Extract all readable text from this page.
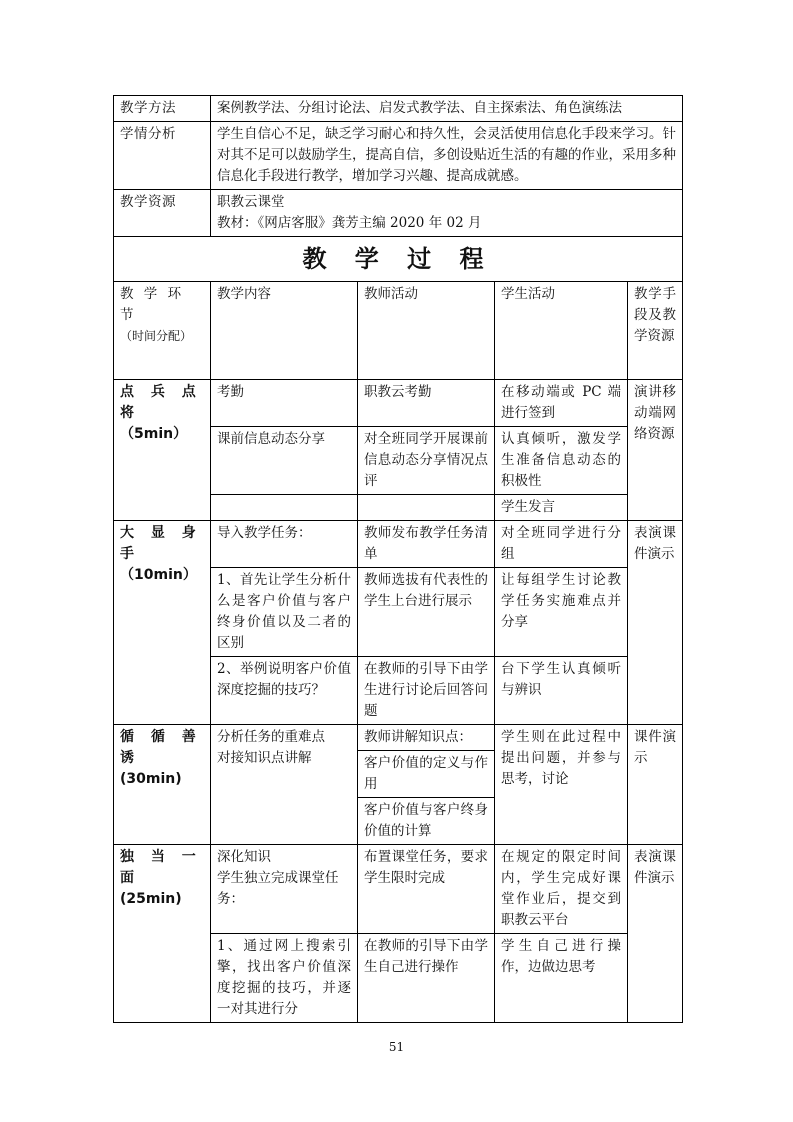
教学方法	案例教学法、分组讨论法、启发式教学法、自主探索法、角色演练法			
学情分析	学生自信心不足，缺乏学习耐心和持久性，会灵活使用信息化手段来学习。针对其不足可以鼓励学生，提高自信，多创设贴近生活的有趣的作业，采用多种信息化手段进行教学，增加学习兴趣、提高成就感。			
教学资源	职教云课堂
教材：《网店客服》龚芳主编 2020 年 02 月			

教 学 过 程				

教 学 环 节
（时间分配）	教学内容	教师活动	学生活动	教学手段及教学资源

点 兵 点 将
（5min）	考勤	职教云考勤	在移动端或 PC 端进行签到	演讲移动端网络资源
	课前信息动态分享	对全班同学开展课前信息动态分享情况点评	认真倾听，激发学生准备信息动态的积极性	
			学生发言	

大 显 身 手
（10min）	导入教学任务：	教师发布教学任务清单	对全班同学进行分组	表演课件演示
	1、首先让学生分析什么是客户价值与客户终身价值以及二者的区别	教师选拔有代表性的学生上台进行展示	让每组学生讨论教学任务实施难点并分享	
	2、举例说明客户价值深度挖掘的技巧？	在教师的引导下由学生进行讨论后回答问题	台下学生认真倾听与辨识	

循 循 善 诱
(30min)	分析任务的重难点
对接知识点讲解	教师讲解知识点：	学生则在此过程中提出问题，并参与思考，讨论	课件演示
		客户价值的定义与作用		
		客户价值与客户终身价值的计算		

独 当 一 面
(25min)	深化知识
学生独立完成课堂任务：	布置课堂任务，要求学生限时完成	在规定的限定时间内，学生完成好课堂作业后，提交到职教云平台	表演课件演示
	1、通过网上搜索引擎，找出客户价值深度挖掘的技巧，并逐一对其进行分	在教师的引导下由学生自己进行操作	学生自己进行操作，边做边思考	
51
